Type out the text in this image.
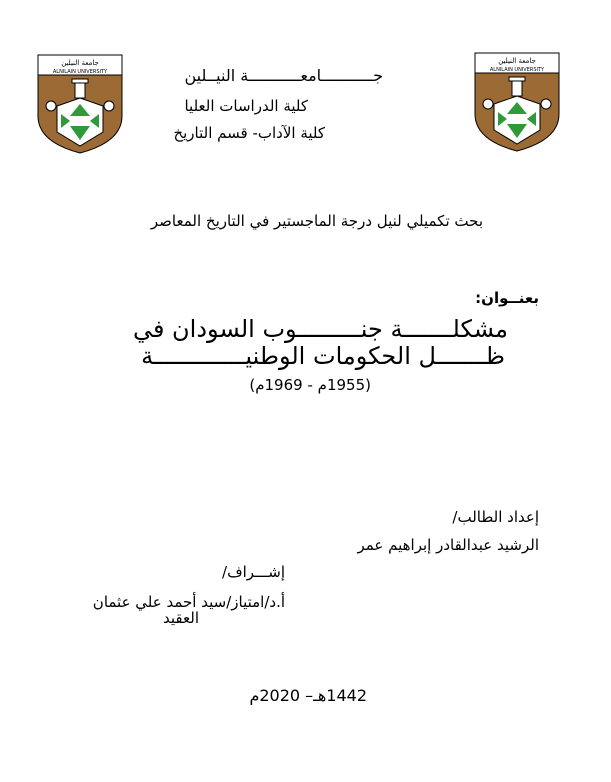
جامعة النيلين
ALNILAIN UNIVERSITY
جامعة النيلين
ALNILAIN UNIVERSITY
جـــــــــــامعـــــــــــة النيــلين
كلية الدراسات العليا
كلية الآداب- قسم التاريخ
بحث تكميلي لنيل درجة الماجستير في التاريخ المعاصر
بعنــوان:
مشكلـــــــة جنـــــــــوب السودان في
ظـــــــل الحكومات الوطنيـــــــــــــة
(1955م - 1969م)
إعداد الطالب/
الرشيد عبدالقادر إبراهيم عمر
إشـــراف/
أ.د/امتياز/سيد أحمد علي عثمان
العقيد
1442هـ– 2020م
